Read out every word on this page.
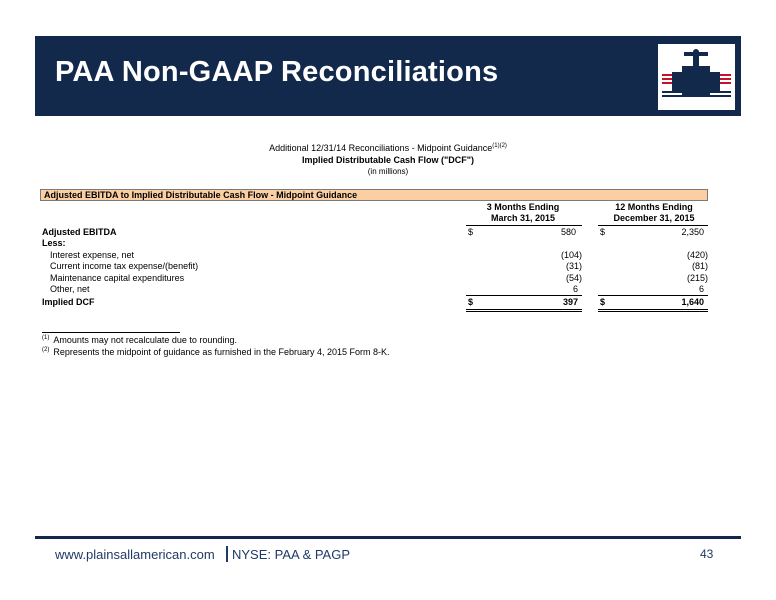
PAA Non-GAAP Reconciliations
Additional 12/31/14 Reconciliations - Midpoint Guidance$^{(1)(2)}$
Implied Distributable Cash Flow ("DCF")
(in millions)
Adjusted EBITDA to Implied Distributable Cash Flow - Midpoint Guidance
3 Months Ending
March 31, 2015
12 Months Ending
December 31, 2015
Adjusted EBITDA	$	580	$	2,350
Less:
Interest expense, net	(104)	(420)
Current income tax expense/(benefit)	(31)	(81)
Maintenance capital expenditures	(54)	(215)
Other, net	6	6
Implied DCF	$	397 $	1,640
$^{(1)}$ Amounts may not recalculate due to rounding.
$^{(2)}$ Represents the midpoint of guidance as furnished in the February 4, 2015 Form 8-K.
www.plainsallamerican.com NYSE: PAA & PAGP	43
